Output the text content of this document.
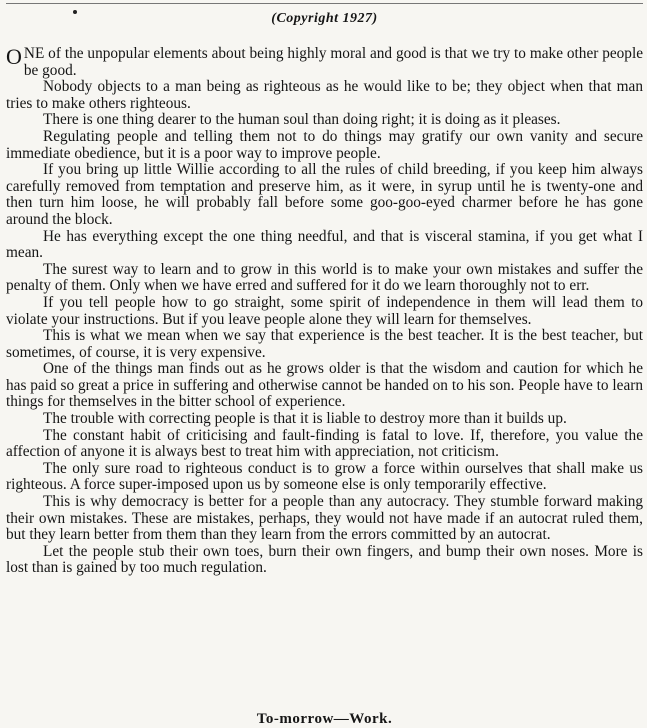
(Copyright 1927)

O NE of the unpopular elements about being highly moral and good is that we try to make other people be good.

Nobody objects to a man being as righteous as he would like to be; they object when that man tries to make others righteous.

There is one thing dearer to the human soul than doing right; it is doing as it pleases.

Regulating people and telling them not to do things may gratify our own vanity and secure immediate obedience, but it is a poor way to improve people.

If you bring up little Willie according to all the rules of child breeding, if you keep him always carefully removed from temptation and preserve him, as it were, in syrup until he is twenty-one and then turn him loose, he will probably fall before some goo-goo-eyed charmer before he has gone around the block.

He has everything except the one thing needful, and that is visceral stamina, if you get what I mean.

The surest way to learn and to grow in this world is to make your own mistakes and suffer the penalty of them. Only when we have erred and suffered for it do we learn thoroughly not to err.

If you tell people how to go straight, some spirit of independence in them will lead them to violate your instructions. But if you leave people alone they will learn for themselves.

This is what we mean when we say that experience is the best teacher. It is the best teacher, but sometimes, of course, it is very expensive.

One of the things man finds out as he grows older is that the wisdom and caution for which he has paid so great a price in suffering and otherwise cannot be handed on to his son. People have to learn things for themselves in the bitter school of experience.

The trouble with correcting people is that it is liable to destroy more than it builds up.

The constant habit of criticising and fault-finding is fatal to love. If, therefore, you value the affection of anyone it is always best to treat him with appreciation, not criticism.

The only sure road to righteous conduct is to grow a force within ourselves that shall make us righteous. A force super-imposed upon us by someone else is only temporarily effective.

This is why democracy is better for a people than any autocracy. They stumble forward making their own mistakes. These are mistakes, perhaps, they would not have made if an autocrat ruled them, but they learn better from them than they learn from the errors committed by an autocrat.

Let the people stub their own toes, burn their own fingers, and bump their own noses. More is lost than is gained by too much regulation.

To-morrow—Work.
